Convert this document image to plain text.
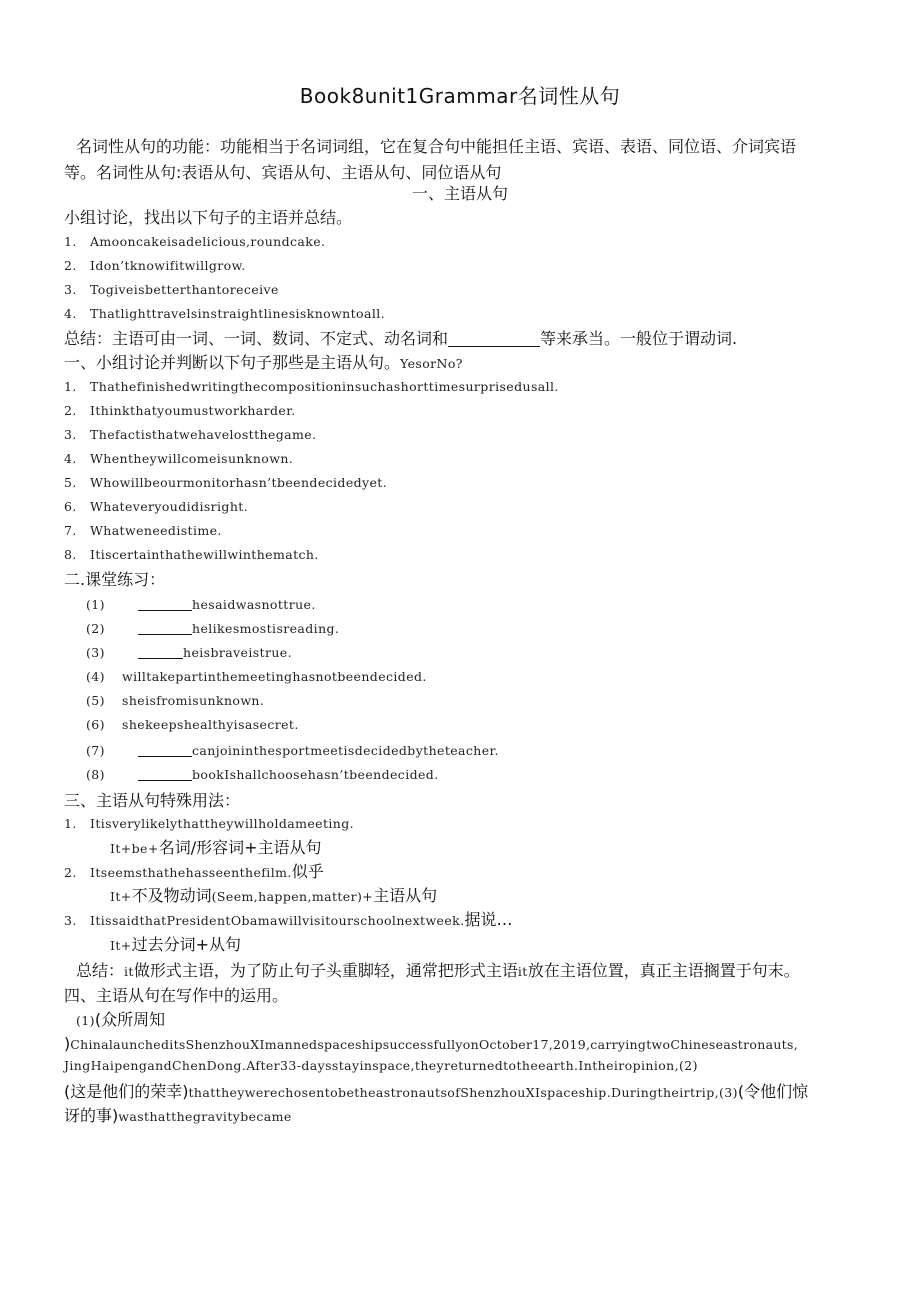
Book8unit1Grammar名词性从句
名词性从句的功能：功能相当于名词词组，它在复合句中能担任主语、宾语、表语、同位语、介词宾语
等。名词性从句:表语从句、宾语从句、主语从句、同位语从句
一、主语从句
小组讨论，找出以下句子的主语并总结。
1. Amooncakeisadelicious,roundcake.
2. Idon’tknowifitwillgrow.
3. Togiveisbetterthantoreceive
4. Thatlighttravelsinstraightlinesisknowntoall.
总结：主语可由一词、一词、数词、不定式、动名词和	等来承当。一般位于谓动词.
一、小组讨论并判断以下句子那些是主语从句。YesorNo?
1. Thathefinishedwritingthecompositioninsuchashorttimesurprisedusall.
2. Ithinkthatyoumustworkharder.
3. Thefactisthatwehavelostthegame.
4. Whentheywillcomeisunknown.
5. Whowillbeourmonitorhasn’tbeendecidedyet.
6. Whateveryoudidisright.
7. Whatweneedistime.
8. Itiscertainthathewillwinthematch.
二.课堂练习：
(1)	hesaidwasnottrue.
(2)	helikesmostisreading.
(3)	heisbraveistrue.
(4) willtakepartinthemeetinghasnotbeendecided.
(5) sheisfromisunknown.
(6) shekeepshealthyisasecret.
(7)	canjoininthesportmeetisdecidedbytheteacher.
(8)	bookIshallchoosehasn’tbeendecided.
三、主语从句特殊用法：
1. Itisverylikelythattheywillholdameeting.
It+be+名词/形容词+主语从句
2. Itseemsthathehasseenthefilm.似乎
It+不及物动词(Seem,happen,matter)+主语从句
3. ItissaidthatPresidentObamawillvisitourschoolnextweek.据说…
It+过去分词+从句
总结：it做形式主语，为了防止句子头重脚轻，通常把形式主语it放在主语位置，真正主语搁置于句末。
四、主语从句在写作中的运用。
(1)(众所周知
)ChinalauncheditsShenzhouXImannedspaceshipsuccessfullyonOctober17,2019,carryingtwoChineseastronauts,
JingHaipengandChenDong.After33-daysstayinspace,theyreturnedtotheearth.Intheiropinion,(2)
(这是他们的荣幸)thattheywerechosentobetheastronautsofShenzhouXIspaceship.Duringtheirtrip,(3)(令他们惊
讶的事)wasthatthegravitybecame
